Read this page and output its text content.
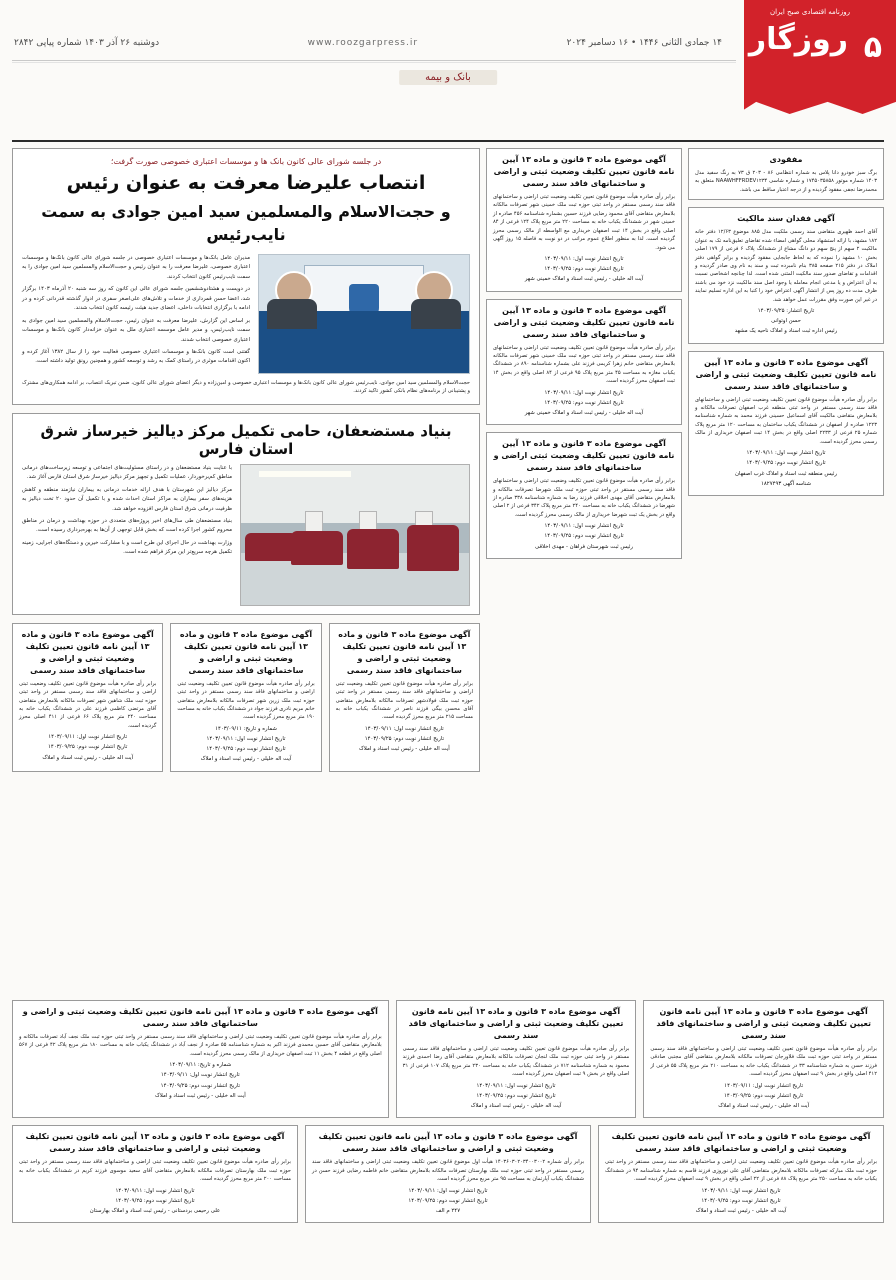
روزنامه اقتصادی صبح ایران
روزگار ۵
۱۴ جمادی الثانی ۱۴۴۶ • ۱۶ دسامبر ۲۰۲۴
www.roozgarpress.ir
دوشنبه ۲۶ آذر ۱۴۰۳ شماره پیاپی ۲۸۴۲
بانک و بیمه
مفقودی
برگ سبز خودرو دانا پلاس به شماره انتظامی ۸۶ - ۲۰۳ ق ۷۳ به رنگ سفید مدل ۱۴۰۳ شماره موتور ۱۷۴۵۰۳۵۸۵۸ و شماره شاسی NAAWHFFRDEV۱۲۳۴ متعلق به محمدرضا نجفی مفقود گردیده و از درجه اعتبار ساقط می باشد.
آگهی فقدان سند مالکیت
آقای احمد ظهیری متقاضی سند رسمی ملکیت مدل ۸۸۵ موضوع ۱۲/۶۳ دفتر خانه ۱۸۲ مشهد، با ارائه استشهاد محلی گواهی امضاء شده تقاضای تعلیق‌نامه تک به عنوان مالکیت ۲ سهم از پنج سهم دو دانگ مشاع از ششدانگ پلاک ۶ فرعی از ۱۷۹ اصلی بخش ۱۰ مشهد را نموده که به لحاظ جابجایی مفقود گردیده و برابر گواهی دفتر املاک در دفتر ۲۱۵ صفحه ۳۸۵ بنام نامبرده ثبت و سند به نام وی صادر گردیده و اقدامات و تقاضای صدور سند مالکیت المثنی شده است. لذا چنانچه اشخاصی نسبت به آن اعتراض و یا مدعی انجام معامله یا وجود اصل سند مالکیت نزد خود می باشند ظرف مدت ده روز پس از انتشار آگهی اعتراض خود را کتبا به این اداره تسلیم نمایند در غیر این صورت وفق مقررات عمل خواهد شد.
تاریخ انتشار: ۱۴۰۳/۰۹/۲۵
حسن اوتوانی
رئیس اداره ثبت اسناد و املاک ناحیه یک مشهد
آگهی موضوع ماده ۳ قانون و ماده ۱۳ آیین نامه قانون تعیین تکلیف وضعیت ثبتی و اراضی و ساختمانهای فاقد سند رسمی
برابر رأی صادره هیأت موضوع قانون تعیین تکلیف وضعیت ثبتی اراضی و ساختمانهای فاقد سند رسمی مستقر در واحد ثبتی منطقه غرب اصفهان تصرفات مالکانه و بلامعارض متقاضی مالکیت آقای اسماعیل حسینی فرزند محمد به شماره شناسنامه ۱۲۲۳ صادره از اصفهان در ششدانگ یکباب ساختمان به مساحت ۱۲۰ متر مربع پلاک شماره ۲۵ فرعی از ۲۲۳۳ اصلی واقع در بخش ۱۴ ثبت اصفهان خریداری از مالک رسمی محرز گردیده است.
تاریخ انتشار نوبت اول: ۱۴۰۳/۰۹/۱۱
تاریخ انتشار نوبت دوم: ۱۴۰۳/۰۹/۲۵
رئیس منطقه ثبت اسناد و املاک غرب اصفهان
شناسه آگهی ۱۸۲۷۴۹۳
آگهی موضوع ماده ۳ قانون و ماده ۱۳ آیین نامه قانون تعیین تکلیف وضعیت ثبتی و اراضی و ساختمانهای فاقد سند رسمی
برابر رأی صادره هیأت موضوع قانون تعیین تکلیف وضعیت ثبتی اراضی و ساختمانهای فاقد سند رسمی مستقر در واحد ثبتی حوزه ثبت ملک خمینی شهر تصرفات مالکانه بلامعارض متقاضی آقای محمود رضایی فرزند حسین بشماره شناسنامه ۴۵۶ صادره از خمینی شهر در ششدانگ یکباب خانه به مساحت ۲۲۰ متر مربع پلاک ۱۲۴ فرعی از ۸۴ اصلی واقع در بخش ۱۴ ثبت اصفهان خریداری مع الواسطه از مالک رسمی محرز گردیده است. لذا به منظور اطلاع عموم مراتب در دو نوبت به فاصله ۱۵ روز آگهی می شود.
تاریخ انتشار نوبت اول: ۱۴۰۳/۰۹/۱۱
تاریخ انتشار نوبت دوم: ۱۴۰۳/۰۹/۲۵
آیت اله خلیلی - رئیس ثبت اسناد و املاک خمینی شهر
آگهی موضوع ماده ۳ قانون و ماده ۱۳ آیین نامه قانون تعیین تکلیف وضعیت ثبتی و اراضی و ساختمانهای فاقد سند رسمی
برابر رأی صادره هیأت موضوع قانون تعیین تکلیف وضعیت ثبتی اراضی و ساختمانهای فاقد سند رسمی مستقر در واحد ثبتی حوزه ثبت ملک خمینی شهر تصرفات مالکانه بلامعارض متقاضی خانم زهرا کریمی فرزند علی بشماره شناسنامه ۸۹۰ در ششدانگ یکباب مغازه به مساحت ۴۵ متر مربع پلاک ۹۵ فرعی از ۸۴ اصلی واقع در بخش ۱۴ ثبت اصفهان محرز گردیده است.
تاریخ انتشار نوبت اول: ۱۴۰۳/۰۹/۱۱
تاریخ انتشار نوبت دوم: ۱۴۰۳/۰۹/۲۵
آیت اله خلیلی - رئیس ثبت اسناد و املاک خمینی شهر
آگهی موضوع ماده ۳ قانون و ماده ۱۳ آیین نامه قانون تعیین تکلیف وضعیت ثبتی اراضی و ساختمانهای فاقد سند رسمی
برابر رأی صادره هیأت موضوع قانون تعیین تکلیف وضعیت ثبتی اراضی و ساختمانهای فاقد سند رسمی مستقر در واحد ثبتی حوزه ثبت ملک شهرضا تصرفات مالکانه و بلامعارض متقاضی آقای مهدی اخلاقی فرزند رضا به شماره شناسنامه ۳۳۸ صادره از شهرضا در ششدانگ یکباب خانه به مساحت ۲۴۰ متر مربع پلاک ۳۴۲ فرعی از ۲ اصلی واقع در بخش یک ثبت شهرضا خریداری از مالک رسمی محرز گردیده است.
تاریخ انتشار نوبت اول: ۱۴۰۳/۰۹/۱۱
تاریخ انتشار نوبت دوم: ۱۴۰۳/۰۹/۲۵
رئیس ثبت شهرستان فراهان - مهدی اخلاقی

در جلسه شورای عالی کانون بانک ها و موسسات اعتباری خصوصی صورت گرفت؛

انتصاب علیرضا معرفت به عنوان رئیس
و حجت‌الاسلام والمسلمین سید امین جوادی به سمت نایب‌رئیس

مدیران عامل بانک‌ها و موسسات اعتباری خصوصی در جلسه شورای عالی کانون بانک‌ها و موسسات اعتباری خصوصی، علیرضا معرفت را به عنوان رئیس و حجت‌الاسلام والمسلمین سید امین جوادی را به سمت نایب‌رئیس کانون انتخاب کردند.

در دویست و هشتادوششمین جلسه شورای عالی این کانون که روز سه شنبه ۲۰ آذرماه ۱۴۰۳ برگزار شد، اعضا حسن قمرداری از خدمات و تلاش‌های علی‌اصغر سفری در ادوار گذشته قدردانی کرده و در ادامه با برگزاری انتخابات داخلی، اعضای جدید هیئت رئیسه کانون انتخاب شدند.

بر اساس این گزارش، علیرضا معرفت به عنوان رئیس، حجت‌الاسلام والمسلمین سید امین جوادی به سمت نایب‌رئیس، و مدیر عامل موسسه اعتباری ملل به عنوان خزانه‌دار کانون بانک‌ها و موسسات اعتباری خصوصی انتخاب شدند.

گفتنی است کانون بانک‌ها و موسسات اعتباری خصوصی فعالیت خود را از سال ۱۳۸۲ آغاز کرده و اکنون اقدامات موثری در راستای کمک به رشد و توسعه کشور و همچنین رونق تولید داشته است.

حجت‌الاسلام والمسلمین سید امین جوادی، نایب‌رئیس شورای عالی کانون بانک‌ها و موسسات اعتباری خصوصی و امین‌زاده و دیگر اعضای شورای عالی کانون، ضمن تبریک انتصاب، بر ادامه همکاری‌های مشترک و پشتیبانی از برنامه‌های نظام بانکی کشور تاکید کردند.
بنیاد مستضعفان، حامی تکمیل مرکز دیالیز خیرساز شرق استان فارس

با عنایت بنیاد مستضعفان و در راستای مسئولیت‌های اجتماعی و توسعه زیرساخت‌های درمانی مناطق کم‌برخوردار، عملیات تکمیل و تجهیز مرکز دیالیز خیرساز شرق استان فارس آغاز شد.

مرکز دیالیز این شهرستان با هدف ارائه خدمات درمانی به بیماران نیازمند منطقه و کاهش هزینه‌های سفر بیماران به مراکز استان احداث شده و با تکمیل آن حدود ۲۰ تخت دیالیز به ظرفیت درمانی شرق استان فارس افزوده خواهد شد.

بنیاد مستضعفان طی سال‌های اخیر پروژه‌های متعددی در حوزه بهداشت و درمان در مناطق محروم کشور اجرا کرده است که بخش قابل توجهی از آن‌ها به بهره‌برداری رسیده است.

وزارت بهداشت در حال اجرای این طرح است و با مشارکت خیرین و دستگاه‌های اجرایی، زمینه تکمیل هرچه سریع‌تر این مرکز فراهم شده است.

آگهی موضوع ماده ۳ قانون و ماده ۱۳ آیین نامه قانون تعیین تکلیف وضعیت ثبتی و اراضی و ساختمانهای فاقد سند رسمی
برابر رأی صادره هیأت موضوع قانون تعیین تکلیف وضعیت ثبتی اراضی و ساختمانهای فاقد سند رسمی مستقر در واحد ثبتی حوزه ثبت ملک فولادشهر تصرفات مالکانه بلامعارض متقاضی آقای محسن بیگی فرزند ناصر در ششدانگ یکباب خانه به مساحت ۲۱۵ متر مربع محرز گردیده است.
تاریخ انتشار نوبت اول: ۱۴۰۳/۰۹/۱۱
تاریخ انتشار نوبت دوم: ۱۴۰۳/۰۹/۲۵
آیت اله خلیلی - رئیس ثبت اسناد و املاک
آگهی موضوع ماده ۳ قانون و ماده ۱۳ آیین نامه قانون تعیین تکلیف وضعیت ثبتی و اراضی و ساختمانهای فاقد سند رسمی
برابر رأی صادره هیأت موضوع قانون تعیین تکلیف وضعیت ثبتی اراضی و ساختمانهای فاقد سند رسمی مستقر در واحد ثبتی حوزه ثبت ملک زرین شهر تصرفات مالکانه بلامعارض متقاضی خانم مریم نادری فرزند جواد در ششدانگ یکباب خانه به مساحت ۱۹۰ متر مربع محرز گردیده است.
شماره و تاریخ: ۱۴۰۳/۰۹/۱۱
تاریخ انتشار نوبت اول: ۱۴۰۳/۰۹/۱۱
تاریخ انتشار نوبت دوم: ۱۴۰۳/۰۹/۲۵
آیت اله خلیلی - رئیس ثبت اسناد و املاک
آگهی موضوع ماده ۳ قانون و ماده ۱۳ آیین نامه قانون تعیین تکلیف وضعیت ثبتی و اراضی و ساختمانهای فاقد سند رسمی
برابر رأی صادره هیأت موضوع قانون تعیین تکلیف وضعیت ثبتی اراضی و ساختمانهای فاقد سند رسمی مستقر در واحد ثبتی حوزه ثبت ملک شاهین شهر تصرفات مالکانه بلامعارض متقاضی آقای مرتضی کاظمی فرزند علی در ششدانگ یکباب خانه به مساحت ۲۴۰ متر مربع پلاک ۶۶ فرعی از ۴۱۱ اصلی محرز گردیده است.
تاریخ انتشار نوبت اول: ۱۴۰۳/۰۹/۱۱
تاریخ انتشار نوبت دوم: ۱۴۰۳/۰۹/۲۵
آیت اله خلیلی - رئیس ثبت اسناد و املاک
آگهی موضوع ماده ۳ قانون و ماده ۱۳ آیین نامه قانون تعیین تکلیف وضعیت ثبتی و اراضی و ساختمانهای فاقد سند رسمی
برابر رأی صادره هیأت موضوع قانون تعیین تکلیف وضعیت ثبتی اراضی و ساختمانهای فاقد سند رسمی مستقر در واحد ثبتی حوزه ثبت ملک فلاورجان تصرفات مالکانه بلامعارض متقاضی آقای مجتبی صادقی فرزند حسن به شماره شناسنامه ۳۳ در ششدانگ یکباب خانه به مساحت ۲۱۰ متر مربع پلاک ۵۵ فرعی از ۴۱۲ اصلی واقع در بخش ۹ ثبت اصفهان محرز گردیده است.
تاریخ انتشار نوبت اول: ۱۴۰۳/۰۹/۱۱
تاریخ انتشار نوبت دوم: ۱۴۰۳/۰۹/۲۵
آیت اله خلیلی - رئیس ثبت اسناد و املاک
آگهی موضوع ماده ۳ قانون و ماده ۱۳ آیین نامه قانون تعیین تکلیف وضعیت ثبتی و اراضی و ساختمانهای فاقد سند رسمی
برابر رأی صادره هیأت موضوع قانون تعیین تکلیف وضعیت ثبتی اراضی و ساختمانهای فاقد سند رسمی مستقر در واحد ثبتی حوزه ثبت ملک لنجان تصرفات مالکانه بلامعارض متقاضی آقای رضا احمدی فرزند محمود به شماره شناسنامه ۷۱۲ در ششدانگ یکباب خانه به مساحت ۲۳۰ متر مربع پلاک ۱۰۷ فرعی از ۳۱ اصلی واقع در بخش ۹ ثبت اصفهان محرز گردیده است.
تاریخ انتشار نوبت اول: ۱۴۰۳/۰۹/۱۱
تاریخ انتشار نوبت دوم: ۱۴۰۳/۰۹/۲۵
آیت اله خلیلی - رئیس ثبت اسناد و املاک
آگهی موضوع ماده ۳ قانون و ماده ۱۳ آیین نامه قانون تعیین تکلیف وضعیت ثبتی و اراضی و ساختمانهای فاقد سند رسمی
برابر رأی صادره هیأت موضوع قانون تعیین تکلیف وضعیت ثبتی اراضی و ساختمانهای فاقد سند رسمی مستقر در واحد ثبتی حوزه ثبت ملک نجف آباد تصرفات مالکانه و بلامعارض متقاضی آقای حسین محمدی فرزند اکبر به شماره شناسنامه ۵۵ صادره از نجف آباد در ششدانگ یکباب خانه به مساحت ۱۸۰ متر مربع پلاک ۴۲ فرعی از ۵۶۷ اصلی واقع در قطعه ۴ بخش ۱۱ ثبت اصفهان خریداری از مالک رسمی محرز گردیده است.
شماره و تاریخ: ۱۴۰۳/۰۹/۱۱
تاریخ انتشار نوبت اول: ۱۴۰۳/۰۹/۱۱
تاریخ انتشار نوبت دوم: ۱۴۰۳/۰۹/۲۵
آیت اله خلیلی - رئیس ثبت اسناد و املاک
آگهی موضوع ماده ۳ قانون و ماده ۱۳ آیین نامه قانون تعیین تکلیف وضعیت ثبتی و اراضی و ساختمانهای فاقد سند رسمی
برابر رأی صادره هیأت موضوع قانون تعیین تکلیف وضعیت ثبتی اراضی و ساختمانهای فاقد سند رسمی مستقر در واحد ثبتی حوزه ثبت ملک مبارکه تصرفات مالکانه بلامعارض متقاضی آقای علی نوروزی فرزند قاسم به شماره شناسنامه ۹۴ در ششدانگ یکباب خانه به مساحت ۲۵۰ متر مربع پلاک ۸۸ فرعی از ۲۲ اصلی واقع در بخش ۹ ثبت اصفهان محرز گردیده است.
تاریخ انتشار نوبت اول: ۱۴۰۳/۰۹/۱۱
تاریخ انتشار نوبت دوم: ۱۴۰۳/۰۹/۲۵
آیت اله خلیلی - رئیس ثبت اسناد و املاک
آگهی موضوع ماده ۳ قانون و ماده ۱۳ آیین نامه قانون تعیین تکلیف وضعیت ثبتی و اراضی و ساختمانهای فاقد سند رسمی
برابر رأی شماره ۱۴۰۳۶۰۳۰۲۰۳۴۰۰۳۰۰۲ هیأت اول موضوع قانون تعیین تکلیف وضعیت ثبتی اراضی و ساختمانهای فاقد سند رسمی مستقر در واحد ثبتی حوزه ثبت ملک بهارستان تصرفات مالکانه بلامعارض متقاضی خانم فاطمه رضایی فرزند حسن در ششدانگ یکباب آپارتمان به مساحت ۹۵ متر مربع محرز گردیده است.
تاریخ انتشار نوبت اول: ۱۴۰۳/۰۹/۱۱
تاریخ انتشار نوبت دوم: ۱۴۰۳/۰۹/۲۵
۲۴۷ م الف
آگهی موضوع ماده ۳ قانون و ماده ۱۳ آیین نامه قانون تعیین تکلیف وضعیت ثبتی و اراضی و ساختمانهای فاقد سند رسمی
برابر رأی صادره هیأت موضوع قانون تعیین تکلیف وضعیت ثبتی اراضی و ساختمانهای فاقد سند رسمی مستقر در واحد ثبتی حوزه ثبت ملک بهارستان تصرفات مالکانه بلامعارض متقاضی آقای سعید موسوی فرزند کریم در ششدانگ یکباب خانه به مساحت ۲۰۰ متر مربع محرز گردیده است.
تاریخ انتشار نوبت اول: ۱۴۰۳/۰۹/۱۱
تاریخ انتشار نوبت دوم: ۱۴۰۳/۰۹/۲۵
علی رحیمی بردستانی - رئیس ثبت اسناد و املاک بهارستان
